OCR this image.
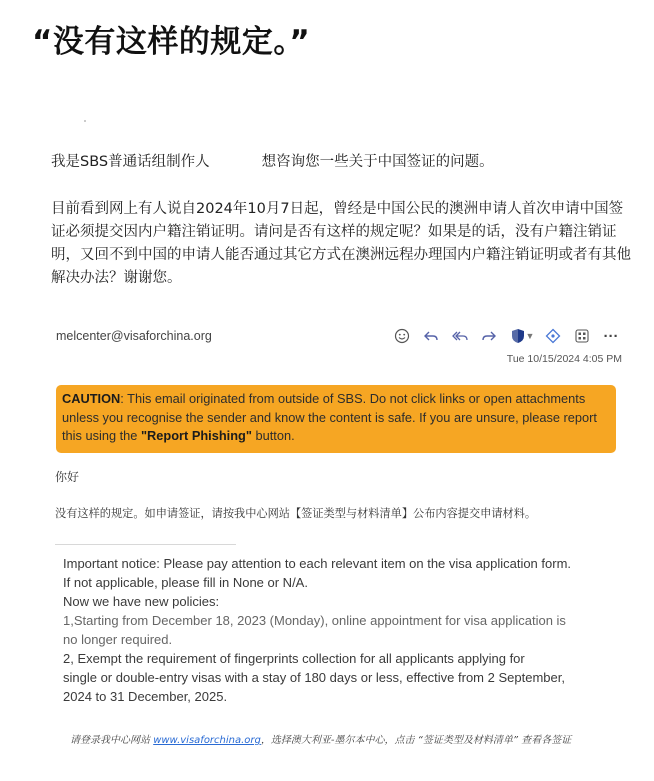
“没有这样的规定。”

我是SBS普通话组制作人	想咨询您一些关于中国签证的问题。

目前看到网上有人说自2024年10月7日起，曾经是中国公民的澳洲申请人首次申请中国签证必须提交因内户籍注销证明。请问是否有这样的规定呢？如果是的话，没有户籍注销证明，又回不到中国的申请人能否通过其它方式在澳洲远程办理国内户籍注销证明或者有其他解决办法？谢谢您。

melcenter@visaforchina.org	▼	···
Tue 10/15/2024 4:05 PM
CAUTION: This email originated from outside of SBS. Do not click links or open attachments unless you recognise the sender and know the content is safe. If you are unsure, please report this using the "Report Phishing" button.
你好
没有这样的规定。如申请签证，请按我中心网站【签证类型与材料清单】公布内容提交申请材料。

Important notice: Please pay attention to each relevant item on the visa application form.

If not applicable, please fill in None or N/A.

Now we have new policies:

1,Starting from December 18, 2023 (Monday), online appointment for visa application is

no longer required.

2, Exempt the requirement of fingerprints collection for all applicants applying for

single or double-entry visas with a stay of 180 days or less, effective from 2 September,

2024 to 31 December, 2025.

请登录我中心网站 www.visaforchina.org，选择澳大利亚-墨尔本中心，点击 “签证类型及材料清单” 查看各签证
